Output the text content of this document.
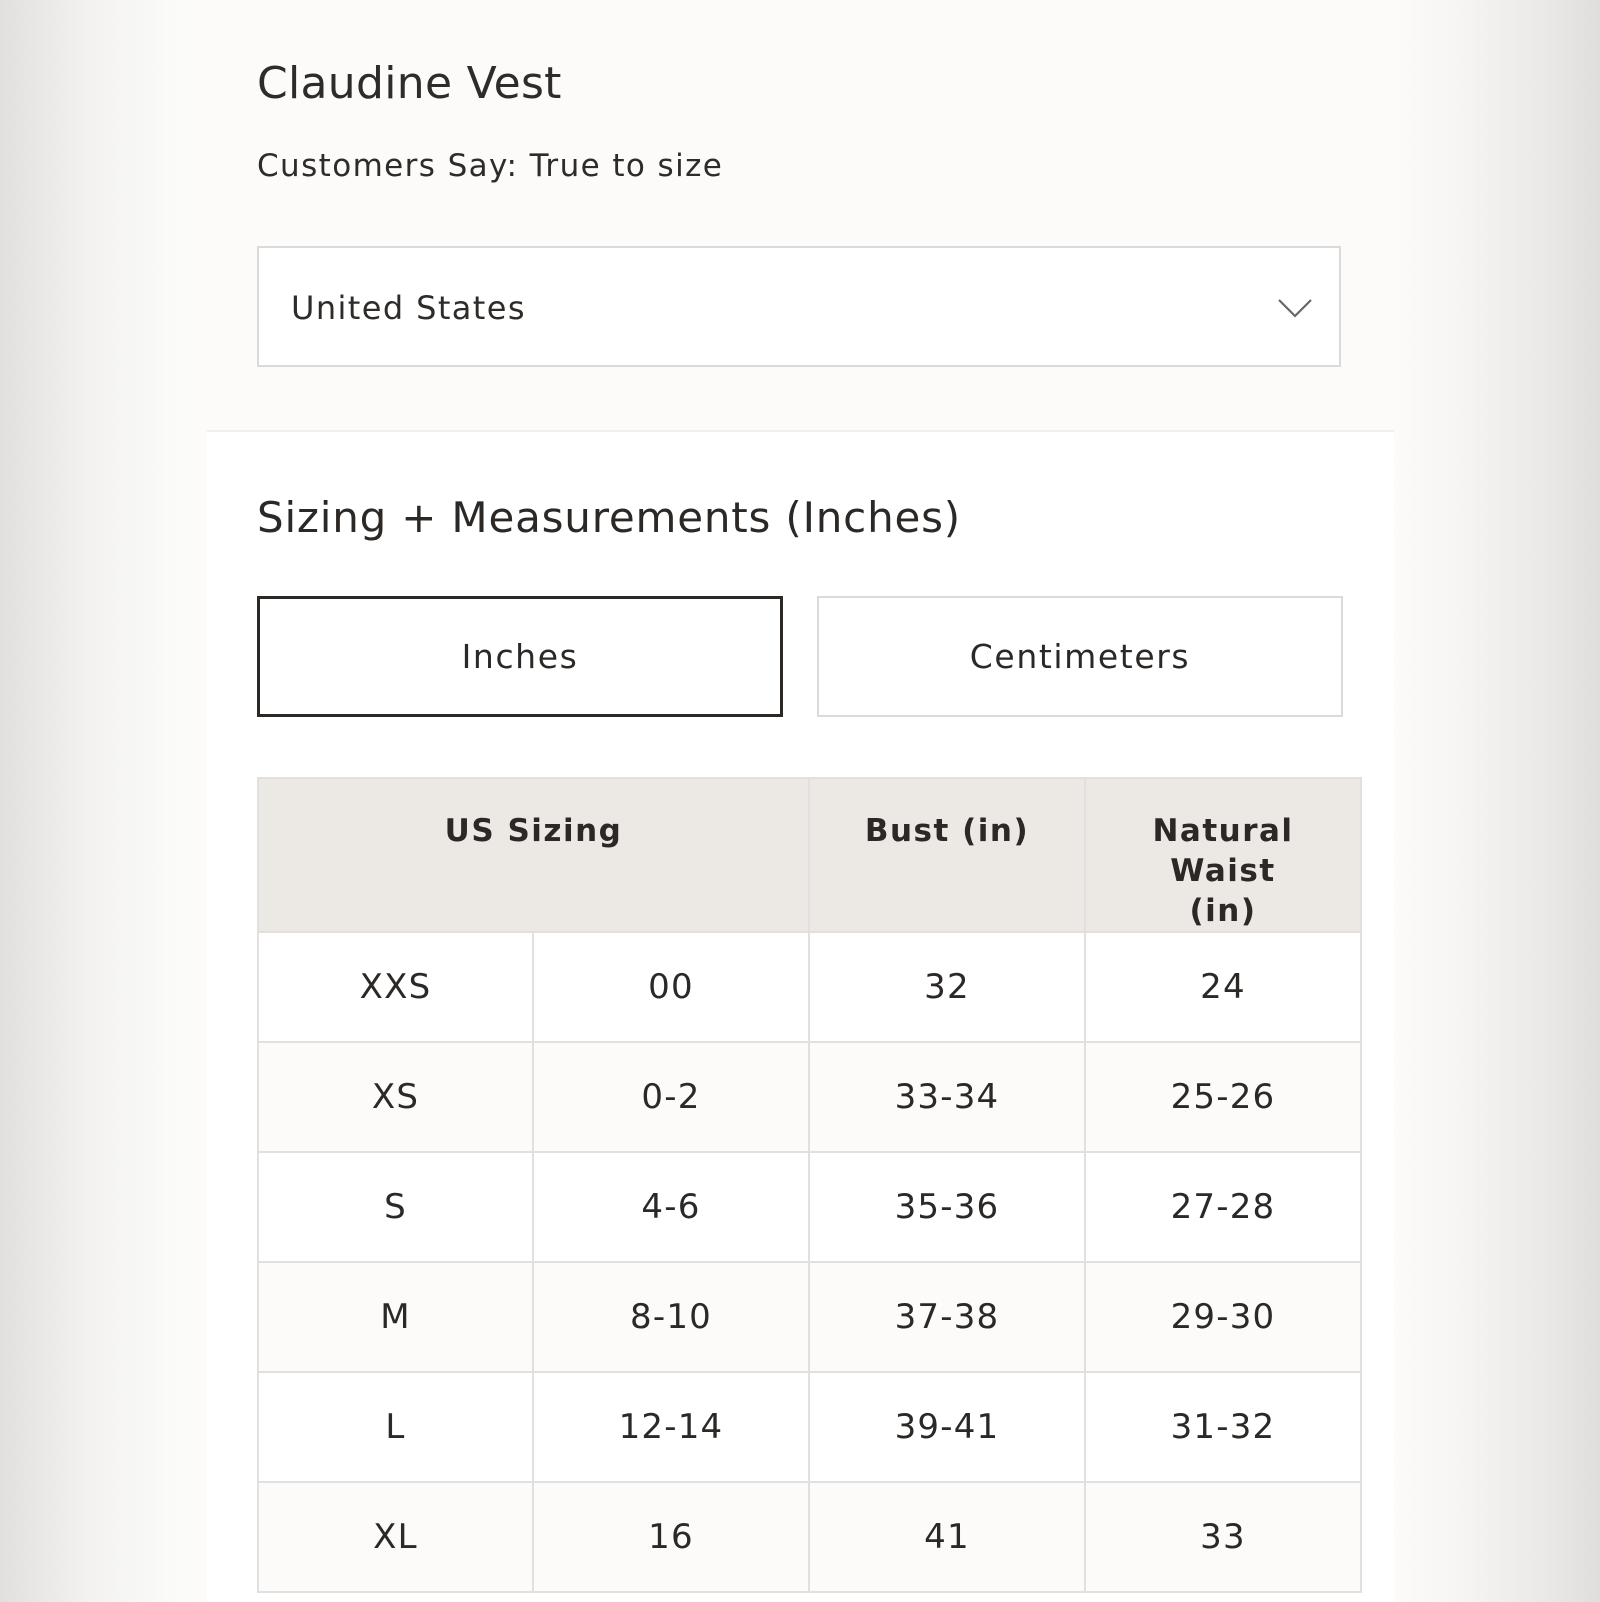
Claudine Vest
Customers Say: True to size
United States
Sizing + Measurements (Inches)
Inches	Centimeters
US Sizing		Bust (in)	Natural Waist (in)
XXS	00	32	24
XS	0-2	33-34	25-26
S	4-6	35-36	27-28
M	8-10	37-38	29-30
L	12-14	39-41	31-32
XL	16	41	33
